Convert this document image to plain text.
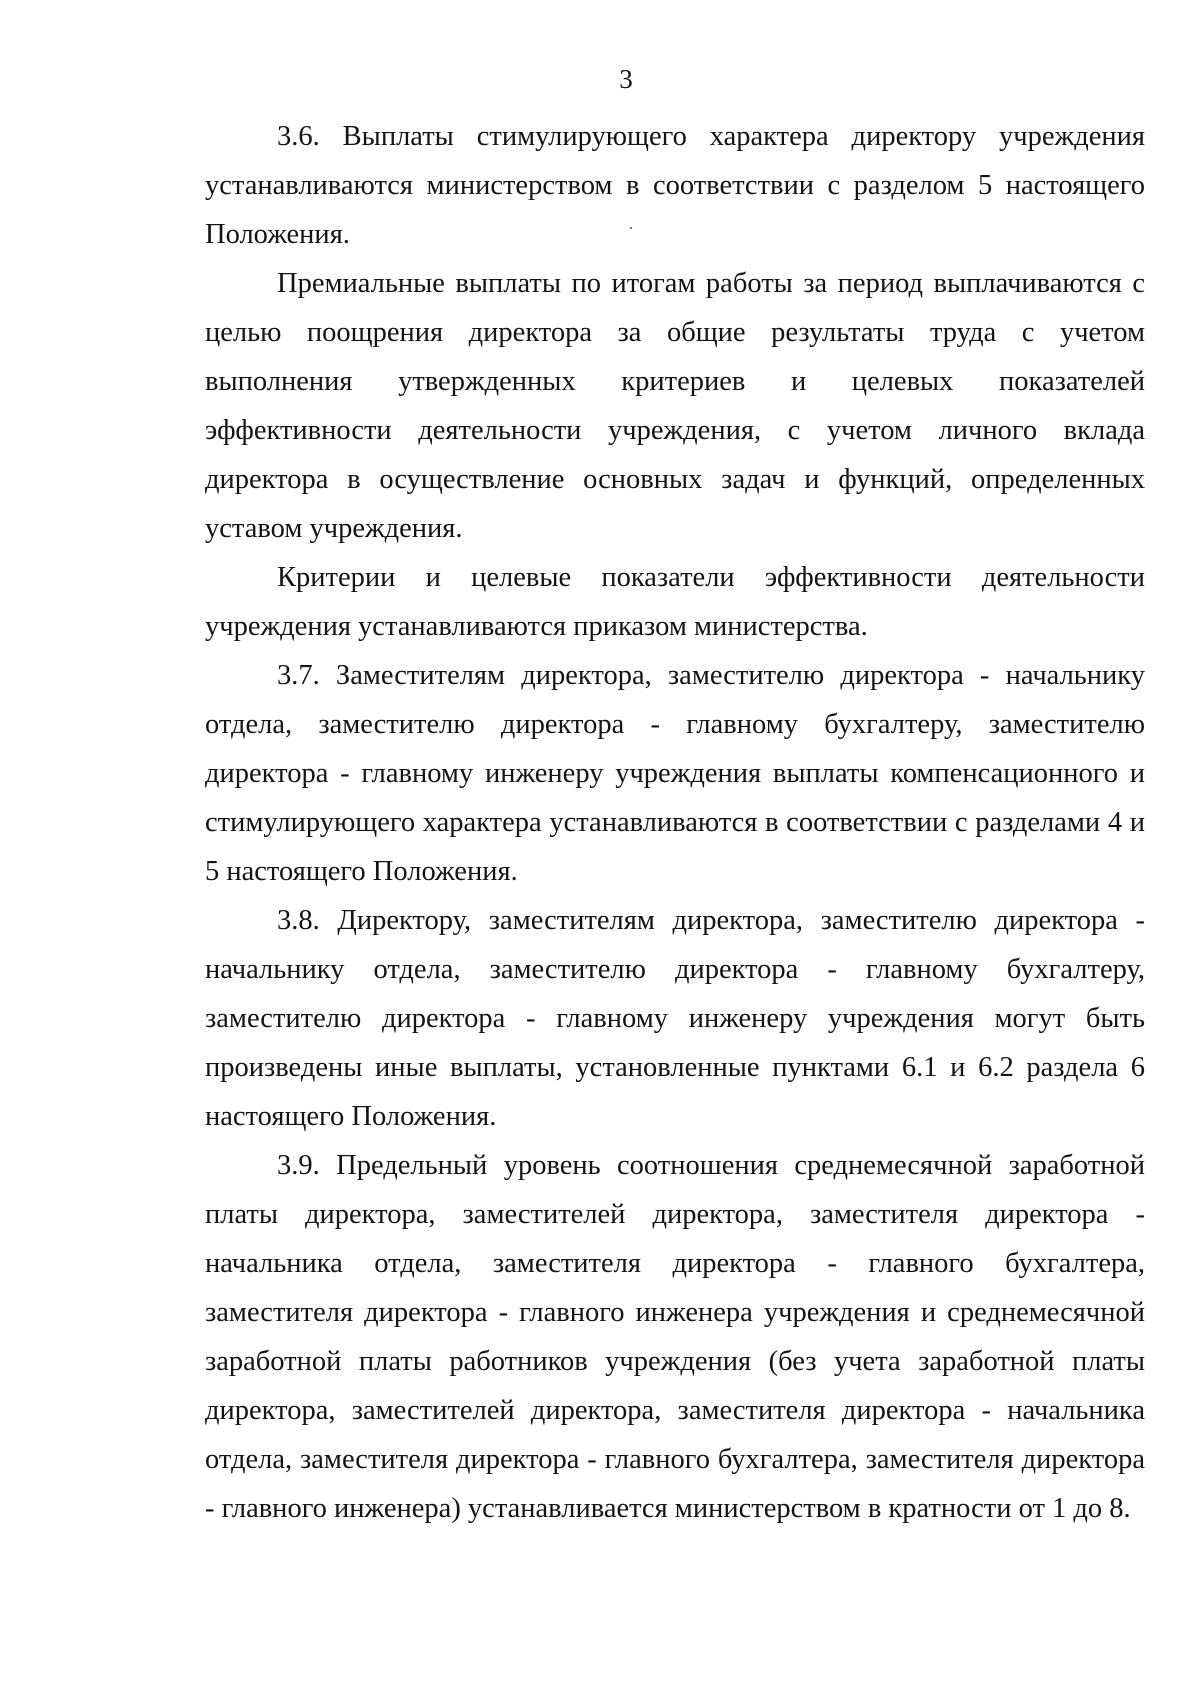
3

3.6. Выплаты стимулирующего характера директору учреждения устанавливаются министерством в соответствии с разделом 5 настоящего Положения.

Премиальные выплаты по итогам работы за период выплачиваются с целью поощрения директора за общие результаты труда с учетом выполнения утвержденных критериев и целевых показателей эффективности деятельности учреждения, с учетом личного вклада директора в осуществление основных задач и функций, определенных уставом учреждения.

Критерии и целевые показатели эффективности деятельности учреждения устанавливаются приказом министерства.

3.7. Заместителям директора, заместителю директора - начальнику отдела, заместителю директора - главному бухгалтеру, заместителю директора - главному инженеру учреждения выплаты компенсационного и стимулирующего характера устанавливаются в соответствии с разделами 4 и 5 настоящего Положения.

3.8. Директору, заместителям директора, заместителю директора - начальнику отдела, заместителю директора - главному бухгалтеру, заместителю директора - главному инженеру учреждения могут быть произведены иные выплаты, установленные пунктами 6.1 и 6.2 раздела 6 настоящего Положения.

3.9. Предельный уровень соотношения среднемесячной заработной платы директора, заместителей директора, заместителя директора - начальника отдела, заместителя директора - главного бухгалтера, заместителя директора - главного инженера учреждения и среднемесячной заработной платы работников учреждения (без учета заработной платы директора, заместителей директора, заместителя директора - начальника отдела, заместителя директора - главного бухгалтера, заместителя директора - главного инженера) устанавливается министерством в кратности от 1 до 8.
